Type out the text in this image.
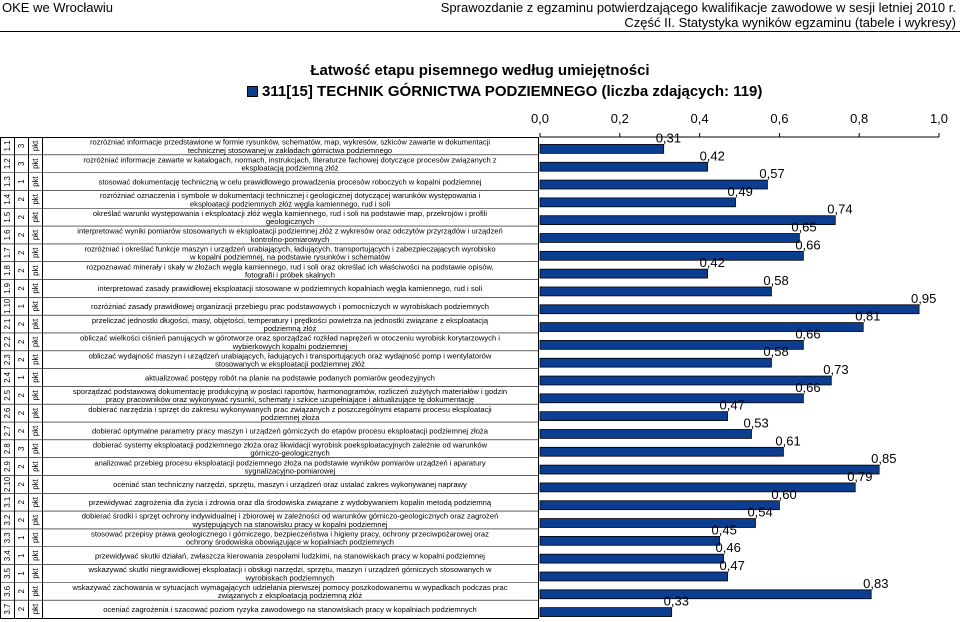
OKE we Wrocławiu	Sprawozdanie z egzaminu potwierdzającego kwalifikacje zawodowe w sesji letniej 2010 r.
Część II. Statystyka wyników egzaminu (tabele i wykresy)
Łatwość etapu pisemnego według umiejętności
311[15] TECHNIK GÓRNICTWA PODZIEMNEGO (liczba zdających: 119)
0,0	0,2	0,4	0,6	0,8	1,0
1.1 3 pkt	rozróżniać informacje przedstawione w formie rysunków, schematów, map, wykresów, szkiców zawarte w dokumentacji
technicznej stosowanej w zakładach górnictwa podziemnego
0,31
1.2 3 pkt	rozróżniać informacje zawarte w katalogach, normach, instrukcjach, literaturze fachowej dotyczące procesów związanych z
eksploatacją podziemną złóż
0,42
1.3 1 pkt	stosować dokumentację techniczną w celu prawidłowego prowadzenia procesów roboczych w kopalni podziemnej
0,57
1.4 2 pkt	rozróżniać oznaczenia i symbole w dokumentacji technicznej i geologicznej dotyczącej warunków występowania i
eksploatacji podziemnych złóż węgla kamiennego, rud i soli
0,49
1.5 2 pkt	określać warunki występowania i eksploatacji złóż węgla kamiennego, rud i soli na podstawie map, przekrojów i profili
geologicznych
0,74
1.6 2 pkt	interpretować wyniki pomiarów stosowanych w eksploatacji podziemnej złóż z wykresów oraz odczytów przyrządów i urządzeń
kontrolno-pomiarowych
0,65
1.7 2 pkt	rozróżniać i określać funkcje maszyn i urządzeń urabiających, ładujących, transportujących i zabezpieczających wyrobisko
w kopalni podziemnej, na podstawie rysunków i schematów
0,66
1.8 2 pkt	rozpoznawać minerały i skały w złożach węgla kamiennego, rud i soli oraz określać ich właściwości na podstawie opisów,
fotografii i próbek skalnych
0,42
1.9 2 pkt	interpretować zasady prawidłowej eksploatacji stosowane w podziemnych kopalniach węgla kamiennego, rud i soli
0,58
1.10 1 pkt	rozróżniać zasady prawidłowej organizacji przebiegu prac podstawowych i pomocniczych w wyrobiskach podziemnych
0,95
2.1 2 pkt	przeliczać jednostki długości, masy, objętości, temperatury i prędkości powietrza na jednostki związane z eksploatacją
podziemną złóż
0,81
2.2 2 pkt	obliczać wielkości ciśnień panujących w górotworze oraz sporządzać rozkład naprężeń w otoczeniu wyrobisk korytarzowych i
wybierkowych kopalni podziemnej
0,66
2.3 2 pkt	obliczać wydajność maszyn i urządzeń urabiających, ładujących i transportujących oraz wydajność pomp i wentylatorów
stosowanych w eksploatacji podziemnej złóż
0,58
2.4 1 pkt	aktualizować postępy robót na planie na podstawie podanych pomiarów geodezyjnych
0,73
2.5 2 pkt	sporządzać podstawową dokumentację produkcyjną w postaci raportów, harmonogramów, rozliczeń zużytych materiałów i godzin
pracy pracowników oraz wykonywać rysunki, schematy i szkice uzupełniające i aktualizujące tę dokumentację
0,66
2.6 2 pkt	dobierać narzędzia i sprzęt do zakresu wykonywanych prac związanych z poszczególnymi etapami procesu eksploatacji
podziemnej złoża
0,47
2.7 2 pkt	dobierać optymalne parametry pracy maszyn i urządzeń górniczych do etapów procesu eksploatacji podziemnej złoża
0,53
2.8 3 pkt	dobierać systemy eksploatacji podziemnego złoża oraz likwidacji wyrobisk poeksploatacyjnych zależnie od warunków
górniczo-geologicznych
0,61
2.9 2 pkt	analizować przebieg procesu eksploatacji podziemnego złoża na podstawie wyników pomiarów urządzeń i aparatury
sygnalizacyjno-pomiarowej
0,85
2.10 2 pkt	oceniać stan techniczny narzędzi, sprzętu, maszyn i urządzeń oraz ustalać zakres wykonywanej naprawy
0,79
3.1 2 pkt	przewidywać zagrożenia dla życia i zdrowia oraz dla środowiska związane z wydobywaniem kopalin metodą podziemną
0,60
3.2 2 pkt	dobierać środki i sprzęt ochrony indywidualnej i zbiorowej w zależności od warunków górniczo-geologicznych oraz zagrożeń
występujących na stanowisku pracy w kopalni podziemnej
0,54
3.3 1 pkt	stosować przepisy prawa geologicznego i górniczego, bezpieczeństwa i higieny pracy, ochrony przeciwpożarowej oraz
ochrony środowiska obowiązujące w kopalniach podziemnych
0,45
3.4 1 pkt	przewidywać skutki działań, zwłaszcza kierowania zespołami ludzkimi, na stanowiskach pracy w kopalni podziemnej
0,46
3.5 1 pkt	wskazywać skutki niegrawidłowej eksploatacji i obsługi narzędzi, sprzętu, maszyn i urządzeń górniczych stosowanych w
wyrobiskach podziemnych
0,47
3.6 2 pkt	wskazywać zachowania w sytuacjach wymagających udzielania pierwszej pomocy poszkodowanemu w wypadkach podczas prac
związanych z eksploatacją podziemną złóż
0,83
3.7 2 pkt	oceniać zagrożenia i szacować poziom ryzyka zawodowego na stanowiskach pracy w kopalniach podziemnych
0,33
